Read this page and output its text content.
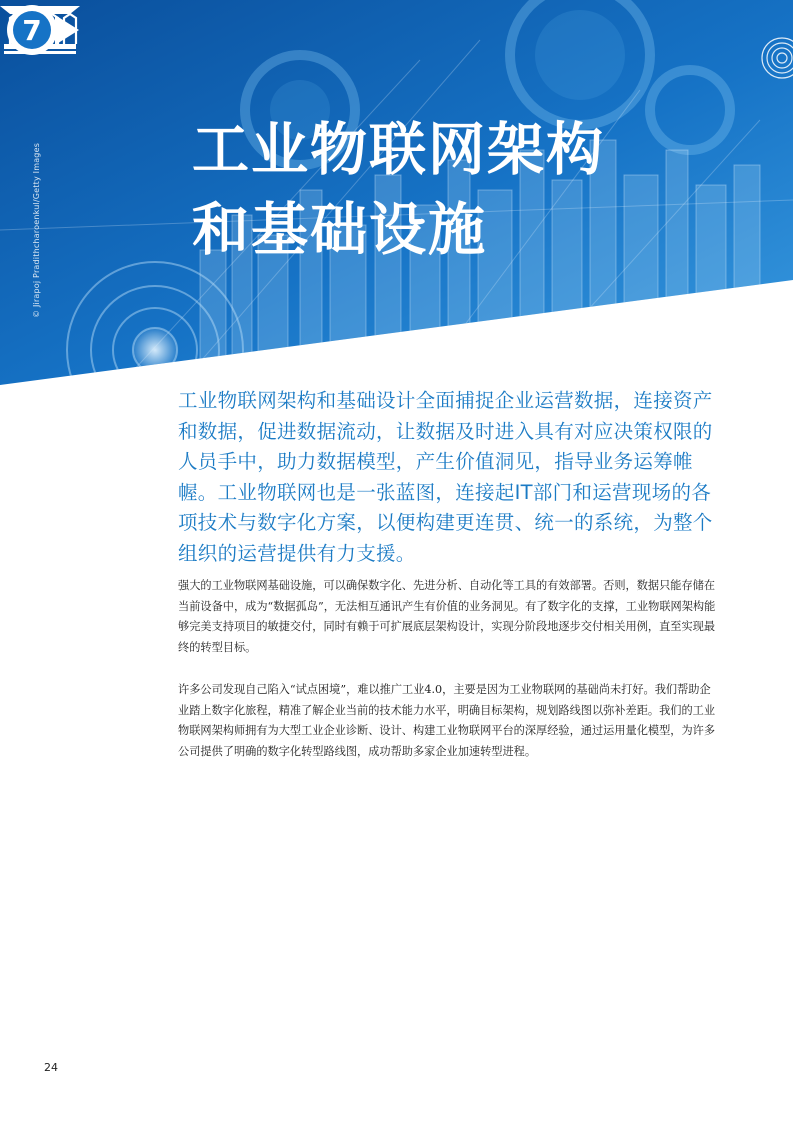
© Jirapoj Pradithcharoenkul/Getty Images
7
工业物联网架构
和基础设施

工业物联网架构和基础设计全面捕捉企业运营数据，连接资产和数据，促进数据流动，让数据及时进入具有对应决策权限的人员手中，助力数据模型，产生价值洞见，指导业务运筹帷幄。工业物联网也是一张蓝图，连接起IT部门和运营现场的各项技术与数字化方案，以便构建更连贯、统一的系统，为整个组织的运营提供有力支援。

强大的工业物联网基础设施，可以确保数字化、先进分析、自动化等工具的有效部署。否则，数据只能存储在当前设备中，成为“数据孤岛”，无法相互通讯产生有价值的业务洞见。有了数字化的支撑，工业物联网架构能够完美支持项目的敏捷交付，同时有赖于可扩展底层架构设计，实现分阶段地逐步交付相关用例，直至实现最终的转型目标。

许多公司发现自己陷入“试点困境”，难以推广工业4.0，主要是因为工业物联网的基础尚未打好。我们帮助企业踏上数字化旅程，精准了解企业当前的技术能力水平，明确目标架构，规划路线图以弥补差距。我们的工业物联网架构师拥有为大型工业企业诊断、设计、构建工业物联网平台的深厚经验，通过运用量化模型，为许多公司提供了明确的数字化转型路线图，成功帮助多家企业加速转型进程。

24
